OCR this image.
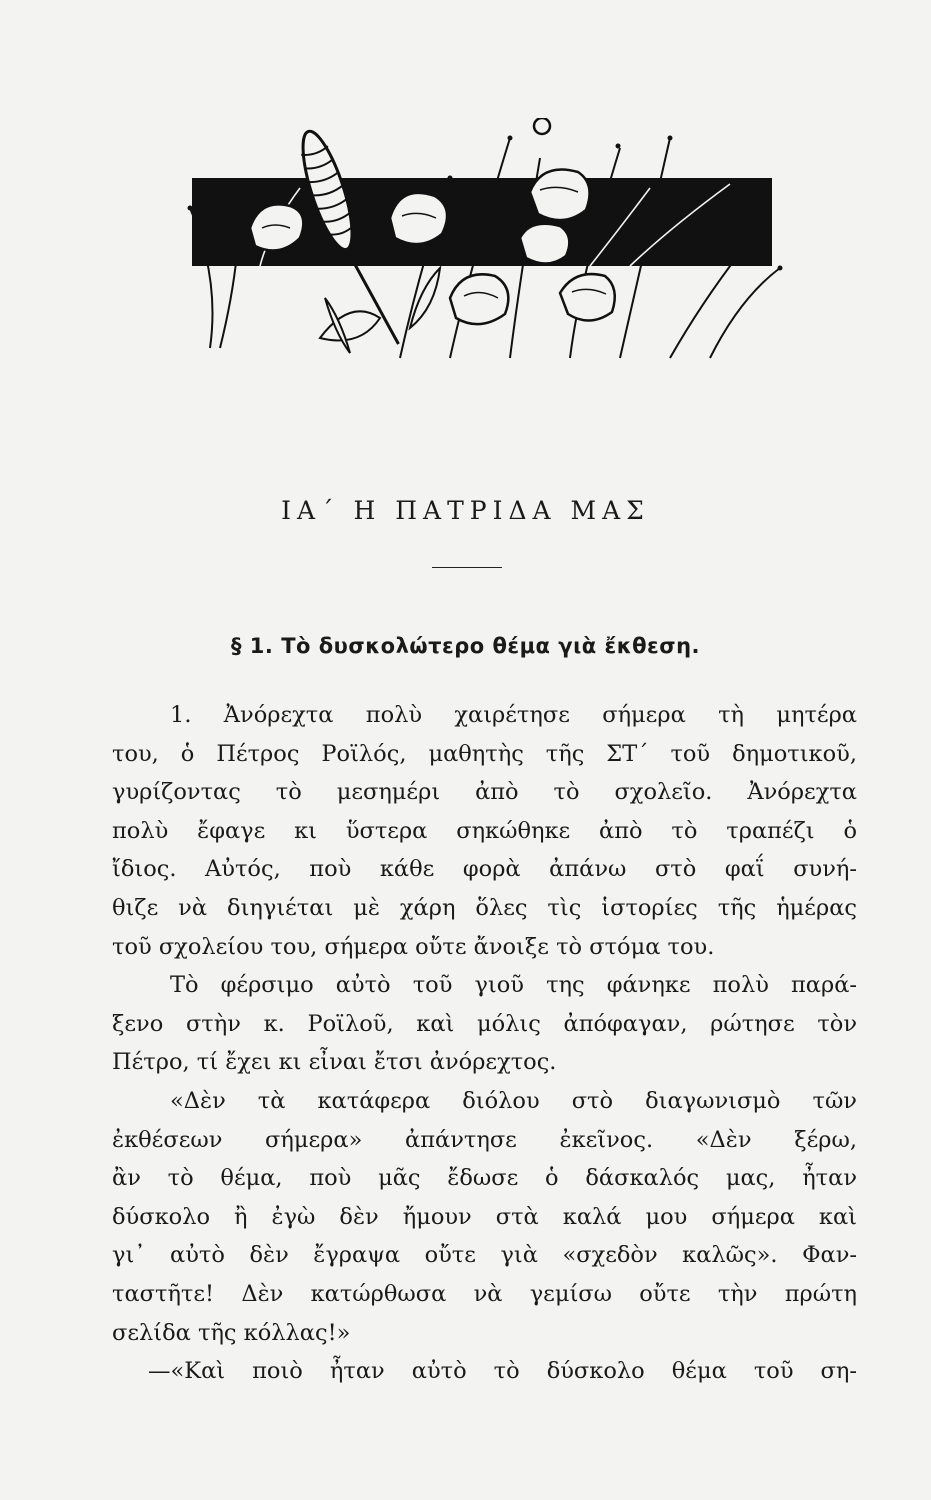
ΙΑ΄ Η ΠΑΤΡΙΔΑ ΜΑΣ
§ 1. Τὸ δυσκολώτερο θέμα γιὰ ἔκθεση.
1. Ἀνόρεχτα πολὺ χαιρέτησε σήμερα τὴ μητέρα
του, ὁ Πέτρος Ροϊλός, μαθητὴς τῆς ΣΤ΄ τοῦ δημοτικοῦ,
γυρίζοντας τὸ μεσημέρι ἀπὸ τὸ σχολεῖο. Ἀνόρεχτα
πολὺ ἔφαγε κι ὕστερα σηκώθηκε ἀπὸ τὸ τραπέζι ὁ
ἴδιος. Αὐτός, ποὺ κάθε φορὰ ἀπάνω στὸ φαΐ συνή-
θιζε νὰ διηγιέται μὲ χάρη ὅλες τὶς ἱστορίες τῆς ἡμέρας
τοῦ σχολείου του, σήμερα οὔτε ἄνοιξε τὸ στόμα του.
Τὸ φέρσιμο αὐτὸ τοῦ γιοῦ της φάνηκε πολὺ παρά-
ξενο στὴν κ. Ροϊλοῦ, καὶ μόλις ἀπόφαγαν, ρώτησε τὸν
Πέτρο, τί ἔχει κι εἶναι ἔτσι ἀνόρεχτος.
«Δὲν τὰ κατάφερα διόλου στὸ διαγωνισμὸ τῶν
ἐκθέσεων σήμερα» ἀπάντησε ἐκεῖνος. «Δὲν ξέρω,
ἂν τὸ θέμα, ποὺ μᾶς ἔδωσε ὁ δάσκαλός μας, ἦταν
δύσκολο ἢ ἐγὼ δὲν ἤμουν στὰ καλά μου σήμερα καὶ
γι᾿ αὐτὸ δὲν ἔγραψα οὔτε γιὰ «σχεδὸν καλῶς». Φαν-
ταστῆτε! Δὲν κατώρθωσα νὰ γεμίσω οὔτε τὴν πρώτη
σελίδα τῆς κόλλας!»
—«Καὶ ποιὸ ἦταν αὐτὸ τὸ δύσκολο θέμα τοῦ ση-
